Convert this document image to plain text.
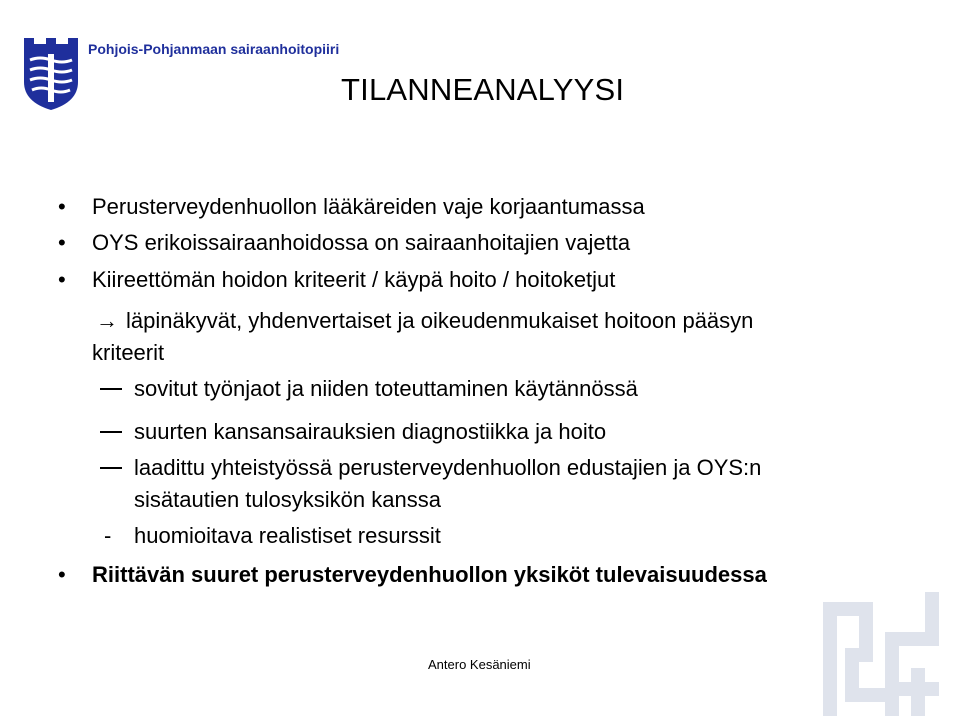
Pohjois-Pohjanmaan sairaanhoitopiiri
TILANNEANALYYSI
• Perusterveydenhuollon lääkäreiden vaje korjaantumassa
• OYS erikoissairaanhoidossa on sairaanhoitajien vajetta
• Kiireettömän hoidon kriteerit / käypä hoito / hoitoketjut
→ läpinäkyvät, yhdenvertaiset ja oikeudenmukaiset hoitoon pääsyn
kriteerit
sovitut työnjaot ja niiden toteuttaminen käytännössä
suurten kansansairauksien diagnostiikka ja hoito
laadittu yhteistyössä perusterveydenhuollon edustajien ja OYS:n
sisätautien tulosyksikön kanssa
- huomioitava realistiset resurssit
• Riittävän suuret perusterveydenhuollon yksiköt tulevaisuudessa
Antero Kesäniemi
